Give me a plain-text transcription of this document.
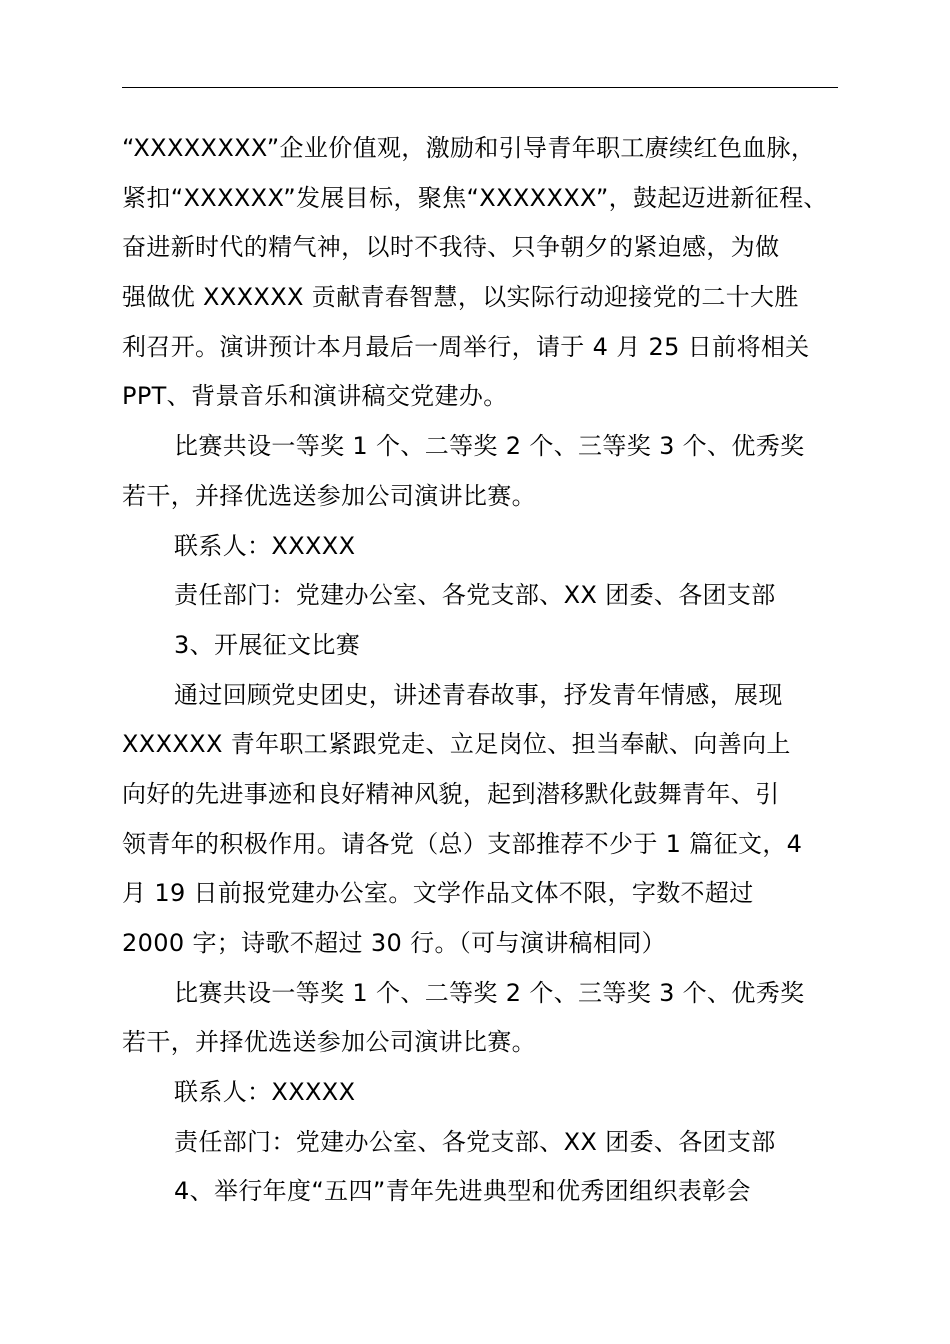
“XXXXXXXX”企业价值观，激励和引导青年职工赓续红色血脉，
紧扣“XXXXXX”发展目标，聚焦“XXXXXXX”，鼓起迈进新征程、
奋进新时代的精气神，以时不我待、只争朝夕的紧迫感，为做
强做优 XXXXXX 贡献青春智慧，以实际行动迎接党的二十大胜
利召开。演讲预计本月最后一周举行，请于 4 月 25 日前将相关
PPT、背景音乐和演讲稿交党建办。
比赛共设一等奖 1 个、二等奖 2 个、三等奖 3 个、优秀奖
若干，并择优选送参加公司演讲比赛。
联系人：XXXXX
责任部门：党建办公室、各党支部、XX 团委、各团支部
3、开展征文比赛
通过回顾党史团史，讲述青春故事，抒发青年情感，展现
XXXXXX 青年职工紧跟党走、立足岗位、担当奉献、向善向上
向好的先进事迹和良好精神风貌，起到潜移默化鼓舞青年、引
领青年的积极作用。请各党（总）支部推荐不少于 1 篇征文，4
月 19 日前报党建办公室。文学作品文体不限，字数不超过
2000 字；诗歌不超过 30 行。（可与演讲稿相同）
比赛共设一等奖 1 个、二等奖 2 个、三等奖 3 个、优秀奖
若干，并择优选送参加公司演讲比赛。
联系人：XXXXX
责任部门：党建办公室、各党支部、XX 团委、各团支部
4、举行年度“五四”青年先进典型和优秀团组织表彰会
